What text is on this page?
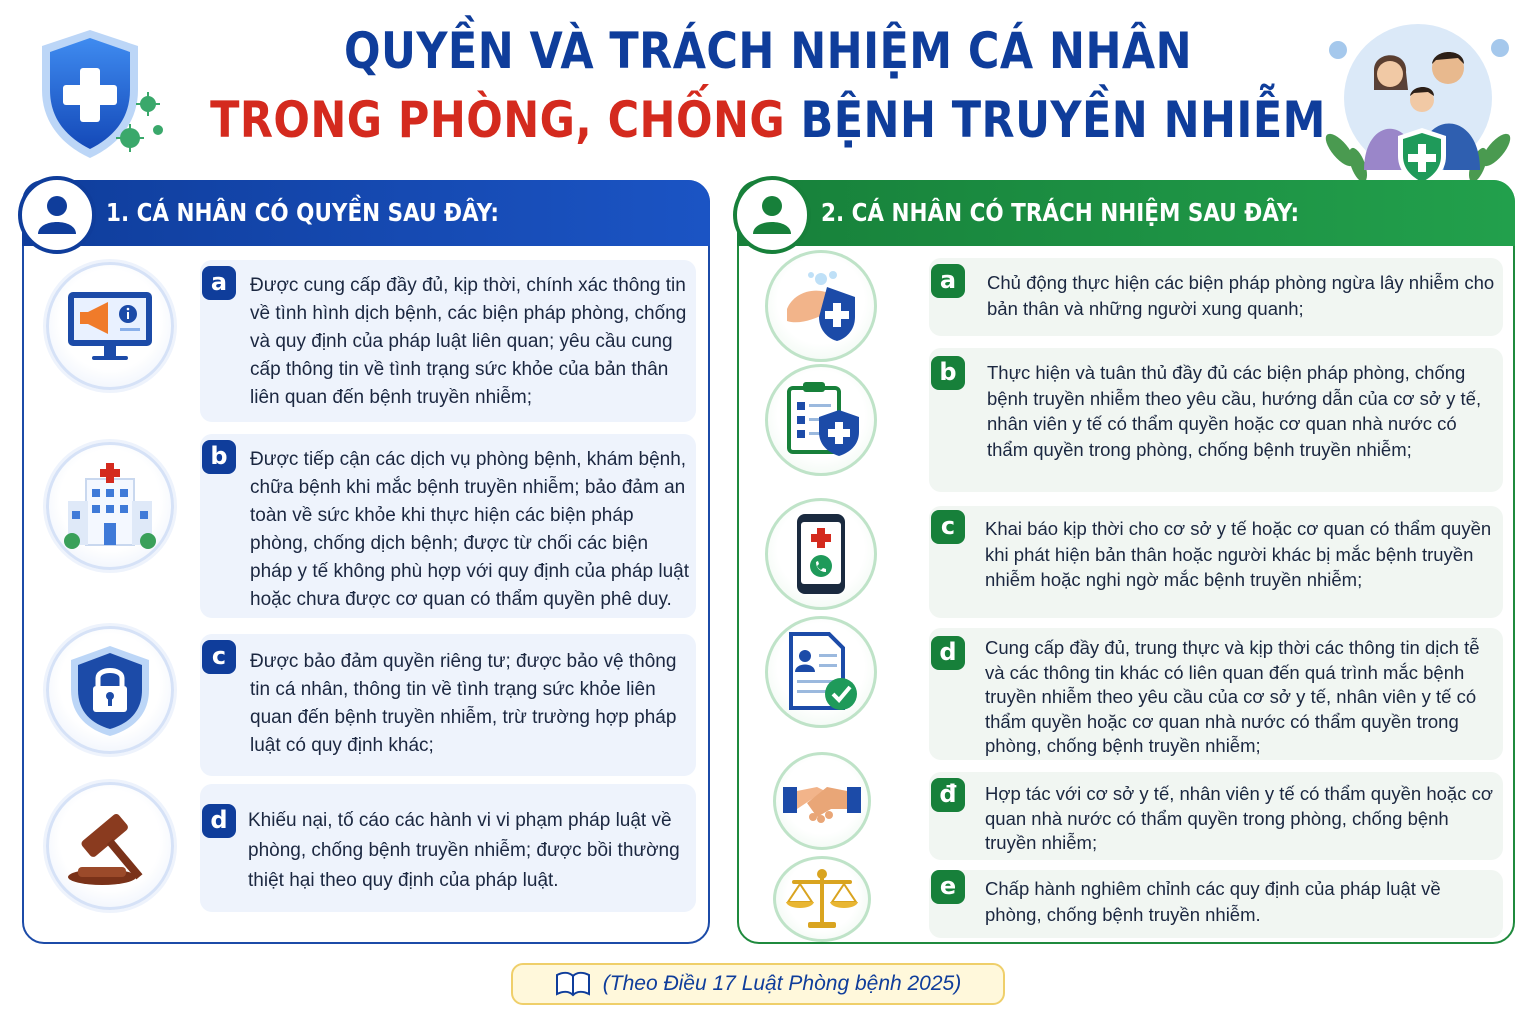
QUYỀN VÀ TRÁCH NHIỆM CÁ NHÂN
TRONG PHÒNG, CHỐNG BỆNH TRUYỀN NHIỄM
1. CÁ NHÂN CÓ QUYỀN SAU ĐÂY:
a	Được cung cấp đầy đủ, kịp thời, chính xác thông tin về tình hình dịch bệnh, các biện pháp phòng, chống và quy định của pháp luật liên quan; yêu cầu cung cấp thông tin về tình trạng sức khỏe của bản thân liên quan đến bệnh truyền nhiễm;
b	Được tiếp cận các dịch vụ phòng bệnh, khám bệnh, chữa bệnh khi mắc bệnh truyền nhiễm; bảo đảm an toàn về sức khỏe khi thực hiện các biện pháp phòng, chống dịch bệnh; được từ chối các biện pháp y tế không phù hợp với quy định của pháp luật hoặc chưa được cơ quan có thẩm quyền phê duy.
c	Được bảo đảm quyền riêng tư; được bảo vệ thông tin cá nhân, thông tin về tình trạng sức khỏe liên quan đến bệnh truyền nhiễm, trừ trường hợp pháp luật có quy định khác;
d	Khiếu nại, tố cáo các hành vi vi phạm pháp luật về phòng, chống bệnh truyền nhiễm; được bồi thường thiệt hại theo quy định của pháp luật.
2. CÁ NHÂN CÓ TRÁCH NHIỆM SAU ĐÂY:
a	Chủ động thực hiện các biện pháp phòng ngừa lây nhiễm cho bản thân và những người xung quanh;
b	Thực hiện và tuân thủ đầy đủ các biện pháp phòng, chống bệnh truyền nhiễm theo yêu cầu, hướng dẫn của cơ sở y tế, nhân viên y tế có thẩm quyền hoặc cơ quan nhà nước có thẩm quyền trong phòng, chống bệnh truyền nhiễm;
c	Khai báo kịp thời cho cơ sở y tế hoặc cơ quan có thẩm quyền khi phát hiện bản thân hoặc người khác bị mắc bệnh truyền nhiễm hoặc nghi ngờ mắc bệnh truyền nhiễm;
d	Cung cấp đầy đủ, trung thực và kịp thời các thông tin dịch tễ và các thông tin khác có liên quan đến quá trình mắc bệnh truyền nhiễm theo yêu cầu của cơ sở y tế, nhân viên y tế có thẩm quyền hoặc cơ quan nhà nước có thẩm quyền trong phòng, chống bệnh truyền nhiễm;
đ	Hợp tác với cơ sở y tế, nhân viên y tế có thẩm quyền hoặc cơ quan nhà nước có thẩm quyền trong phòng, chống bệnh truyền nhiễm;
e	Chấp hành nghiêm chỉnh các quy định của pháp luật về phòng, chống bệnh truyền nhiễm.
(Theo Điều 17 Luật Phòng bệnh 2025)
